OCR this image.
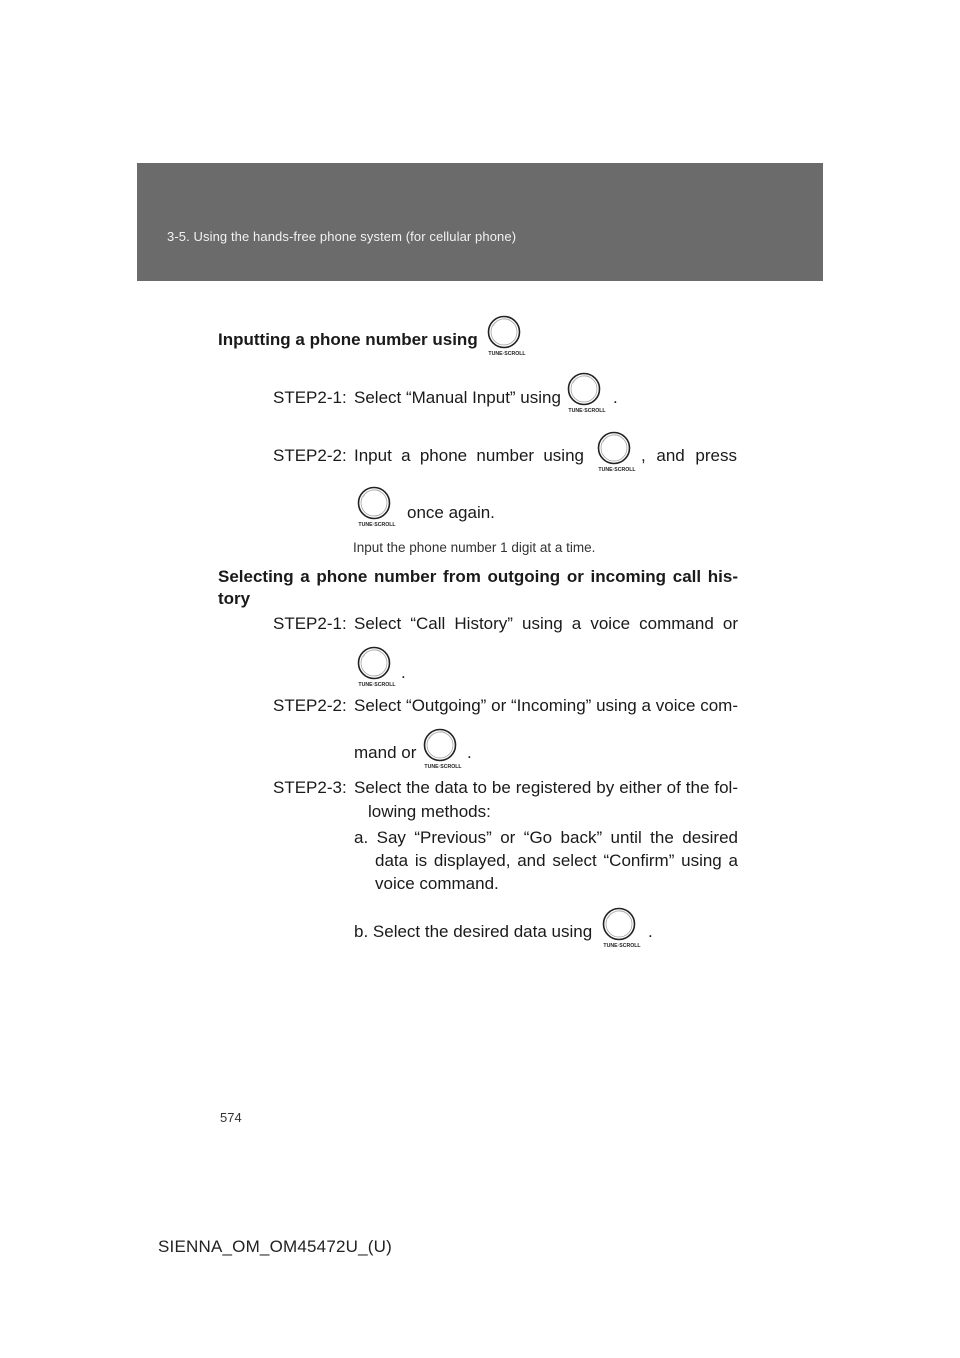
3-5. Using the hands-free phone system (for cellular phone)
Inputting a phone number using
TUNE·SCROLL
STEP2-1: Select “Manual Input” using
TUNE·SCROLL
.
STEP2-2: Input a phone number using
TUNE·SCROLL
, and press
TUNE·SCROLL
once again.
Input the phone number 1 digit at a time.
Selecting a phone number from outgoing or incoming call his-
tory
STEP2-1: Select “Call History” using a voice command or
TUNE·SCROLL
.
STEP2-2: Select “Outgoing” or “Incoming” using a voice com-
mand or
TUNE·SCROLL
.
STEP2-3: Select the data to be registered by either of the fol-
lowing methods:
a. Say “Previous” or “Go back” until the desired
data is displayed, and select “Confirm” using a
voice command.
b. Select the desired data using
TUNE·SCROLL
.
574
SIENNA_OM_OM45472U_(U)
